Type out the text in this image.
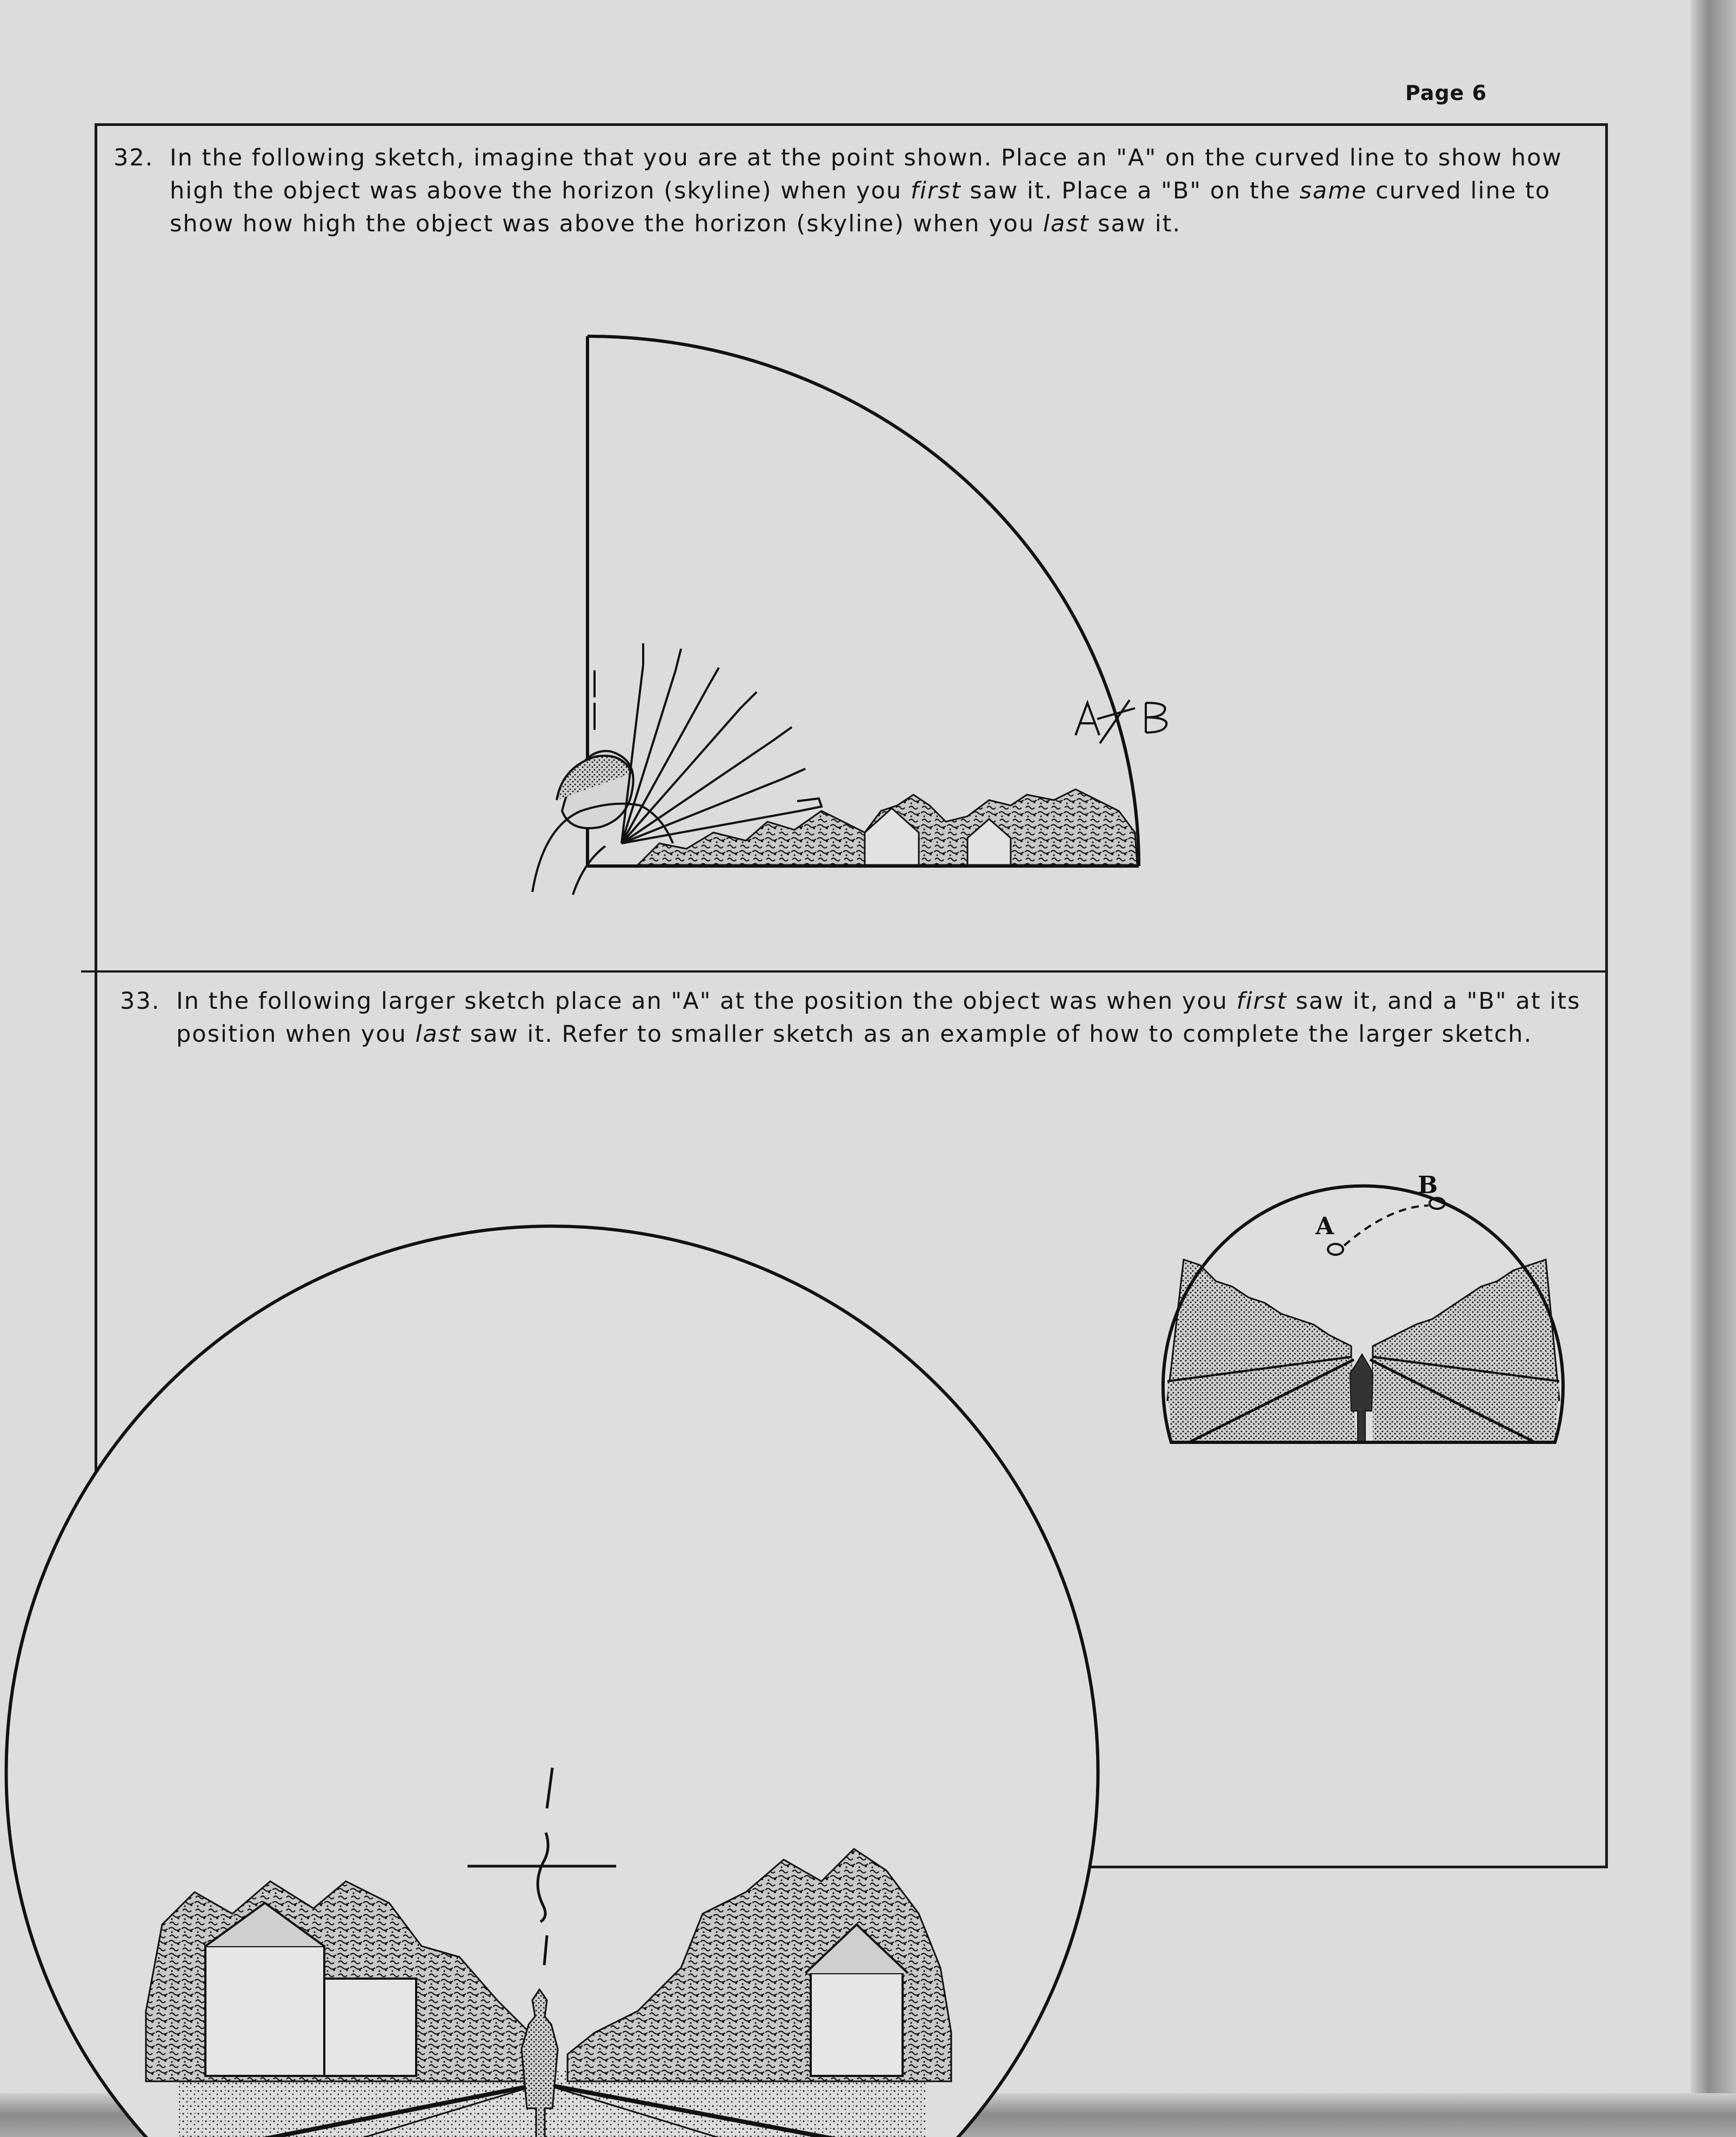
Page 6
32. In the following sketch, imagine that you are at the point shown. Place an "A" on the curved line to show how
high the object was above the horizon (skyline) when you first saw it. Place a "B" on the same curved line to
show how high the object was above the horizon (skyline) when you last saw it.
33. In the following larger sketch place an "A" at the position the object was when you first saw it, and a "B" at its
position when you last saw it. Refer to smaller sketch as an example of how to complete the larger sketch.
A
B
